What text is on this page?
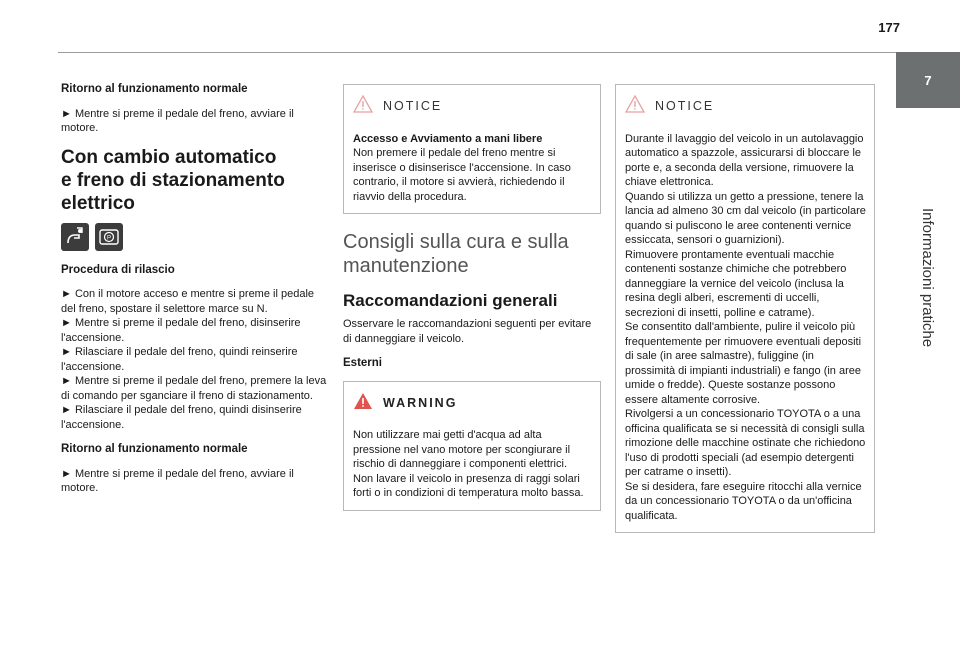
177
7
Informazioni pratiche
Ritorno al funzionamento normale
► Mentre si preme il pedale del freno, avviare il motore.
Con cambio automatico
e freno di stazionamento
elettrico
P
Procedura di rilascio
► Con il motore acceso e mentre si preme il pedale del freno, spostare il selettore marce su N.
► Mentre si preme il pedale del freno, disinserire l'accensione.
► Rilasciare il pedale del freno, quindi reinserire l'accensione.
► Mentre si preme il pedale del freno, premere la leva di comando per sganciare il freno di stazionamento.
► Rilasciare il pedale del freno, quindi disinserire l'accensione.
Ritorno al funzionamento normale
► Mentre si preme il pedale del freno, avviare il motore.
NOTICE
Accesso e Avviamento a mani libere
Non premere il pedale del freno mentre si inserisce o disinserisce l'accensione. In caso contrario, il motore si avvierà, richiedendo il riavvio della procedura.
Consigli sulla cura e sulla
manutenzione
Raccomandazioni generali
Osservare le raccomandazioni seguenti per evitare di danneggiare il veicolo.
Esterni
WARNING
Non utilizzare mai getti d'acqua ad alta pressione nel vano motore per scongiurare il rischio di danneggiare i componenti elettrici.
Non lavare il veicolo in presenza di raggi solari forti o in condizioni di temperatura molto bassa.
NOTICE
Durante il lavaggio del veicolo in un autolavaggio automatico a spazzole, assicurarsi di bloccare le porte e, a seconda della versione, rimuovere la chiave elettronica.
Quando si utilizza un getto a pressione, tenere la lancia ad almeno 30 cm dal veicolo (in particolare quando si puliscono le aree contenenti vernice essiccata, sensori o guarnizioni).
Rimuovere prontamente eventuali macchie contenenti sostanze chimiche che potrebbero danneggiare la vernice del veicolo (inclusa la resina degli alberi, escrementi di uccelli, secrezioni di insetti, polline e catrame).
Se consentito dall'ambiente, pulire il veicolo più frequentemente per rimuovere eventuali depositi di sale (in aree salmastre), fuliggine (in prossimità di impianti industriali) e fango (in aree umide o fredde). Queste sostanze possono essere altamente corrosive.
Rivolgersi a un concessionario TOYOTA o a una officina qualificata se si necessità di consigli sulla rimozione delle macchine ostinate che richiedono l'uso di prodotti speciali (ad esempio detergenti per catrame o insetti).
Se si desidera, fare eseguire ritocchi alla vernice da un concessionario TOYOTA o da un'officina qualificata.
